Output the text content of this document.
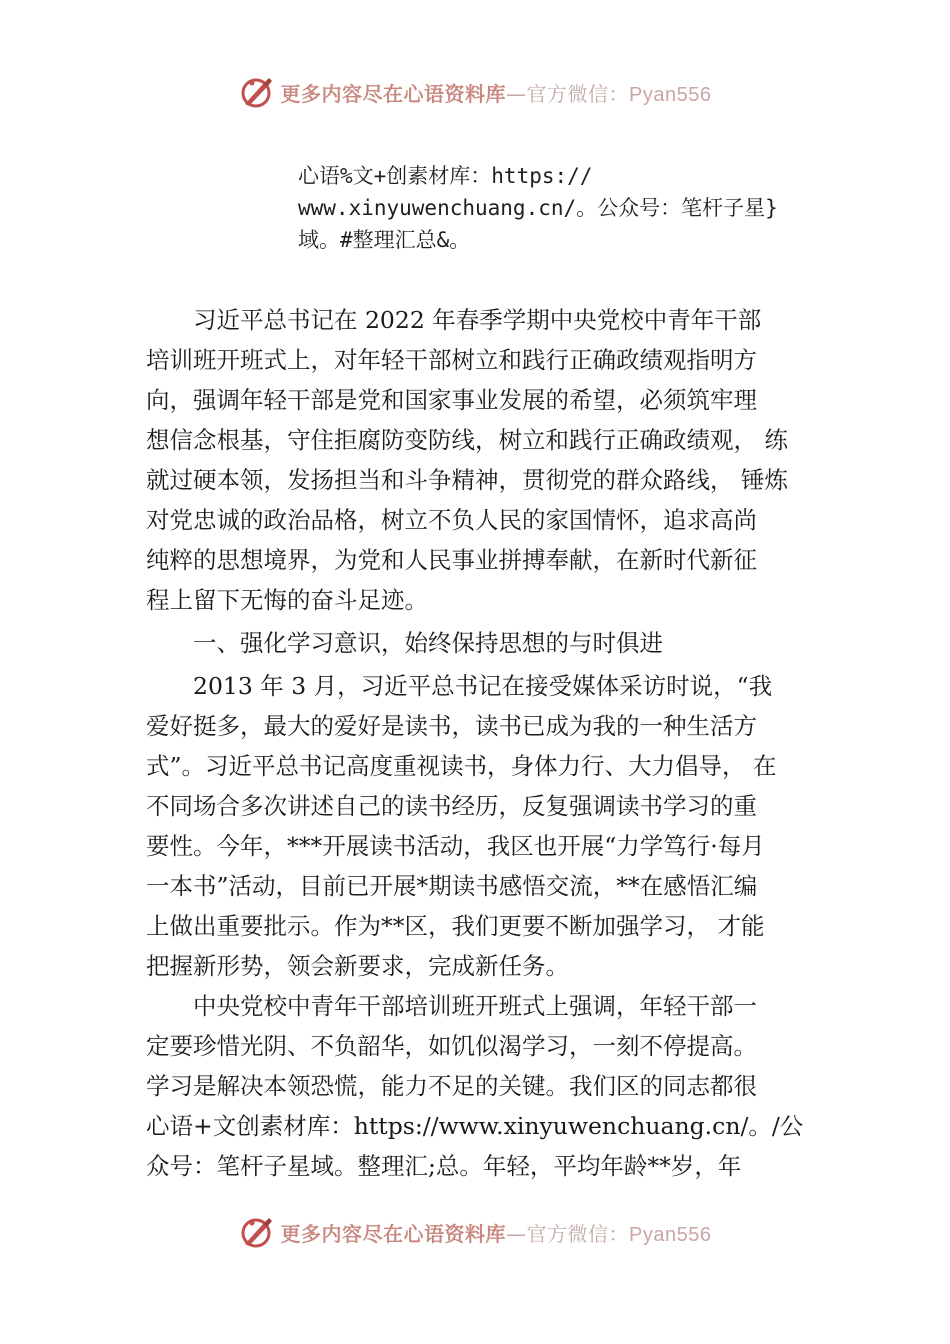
更多内容尽在心语资料库—官方微信：Pyan556
心语%文+创素材库：https://
www.xinyuwenchuang.cn/。公众号：笔杆子星}
域。#整理汇总&。
习近平总书记在 2022 年春季学期中央党校中青年干部
培训班开班式上，对年轻干部树立和践行正确政绩观指明方
向，强调年轻干部是党和国家事业发展的希望，必须筑牢理
想信念根基，守住拒腐防变防线，树立和践行正确政绩观， 练
就过硬本领，发扬担当和斗争精神，贯彻党的群众路线， 锤炼
对党忠诚的政治品格，树立不负人民的家国情怀，追求高尚
纯粹的思想境界，为党和人民事业拼搏奉献，在新时代新征
程上留下无悔的奋斗足迹。
一、强化学习意识，始终保持思想的与时俱进
2013 年 3 月，习近平总书记在接受媒体采访时说，“我
爱好挺多，最大的爱好是读书，读书已成为我的一种生活方
式”。习近平总书记高度重视读书，身体力行、大力倡导， 在
不同场合多次讲述自己的读书经历，反复强调读书学习的重
要性。今年，***开展读书活动，我区也开展“力学笃行·每月
一本书”活动，目前已开展*期读书感悟交流，**在感悟汇编
上做出重要批示。作为**区，我们更要不断加强学习， 才能
把握新形势，领会新要求，完成新任务。
中央党校中青年干部培训班开班式上强调，年轻干部一
定要珍惜光阴、不负韶华，如饥似渴学习，一刻不停提高。
学习是解决本领恐慌，能力不足的关键。我们区的同志都很
心语+文创素材库：https://www.xinyuwenchuang.cn/。/公
众号：笔杆子星域。整理汇;总。年轻，平均年龄**岁，年
更多内容尽在心语资料库—官方微信：Pyan556
